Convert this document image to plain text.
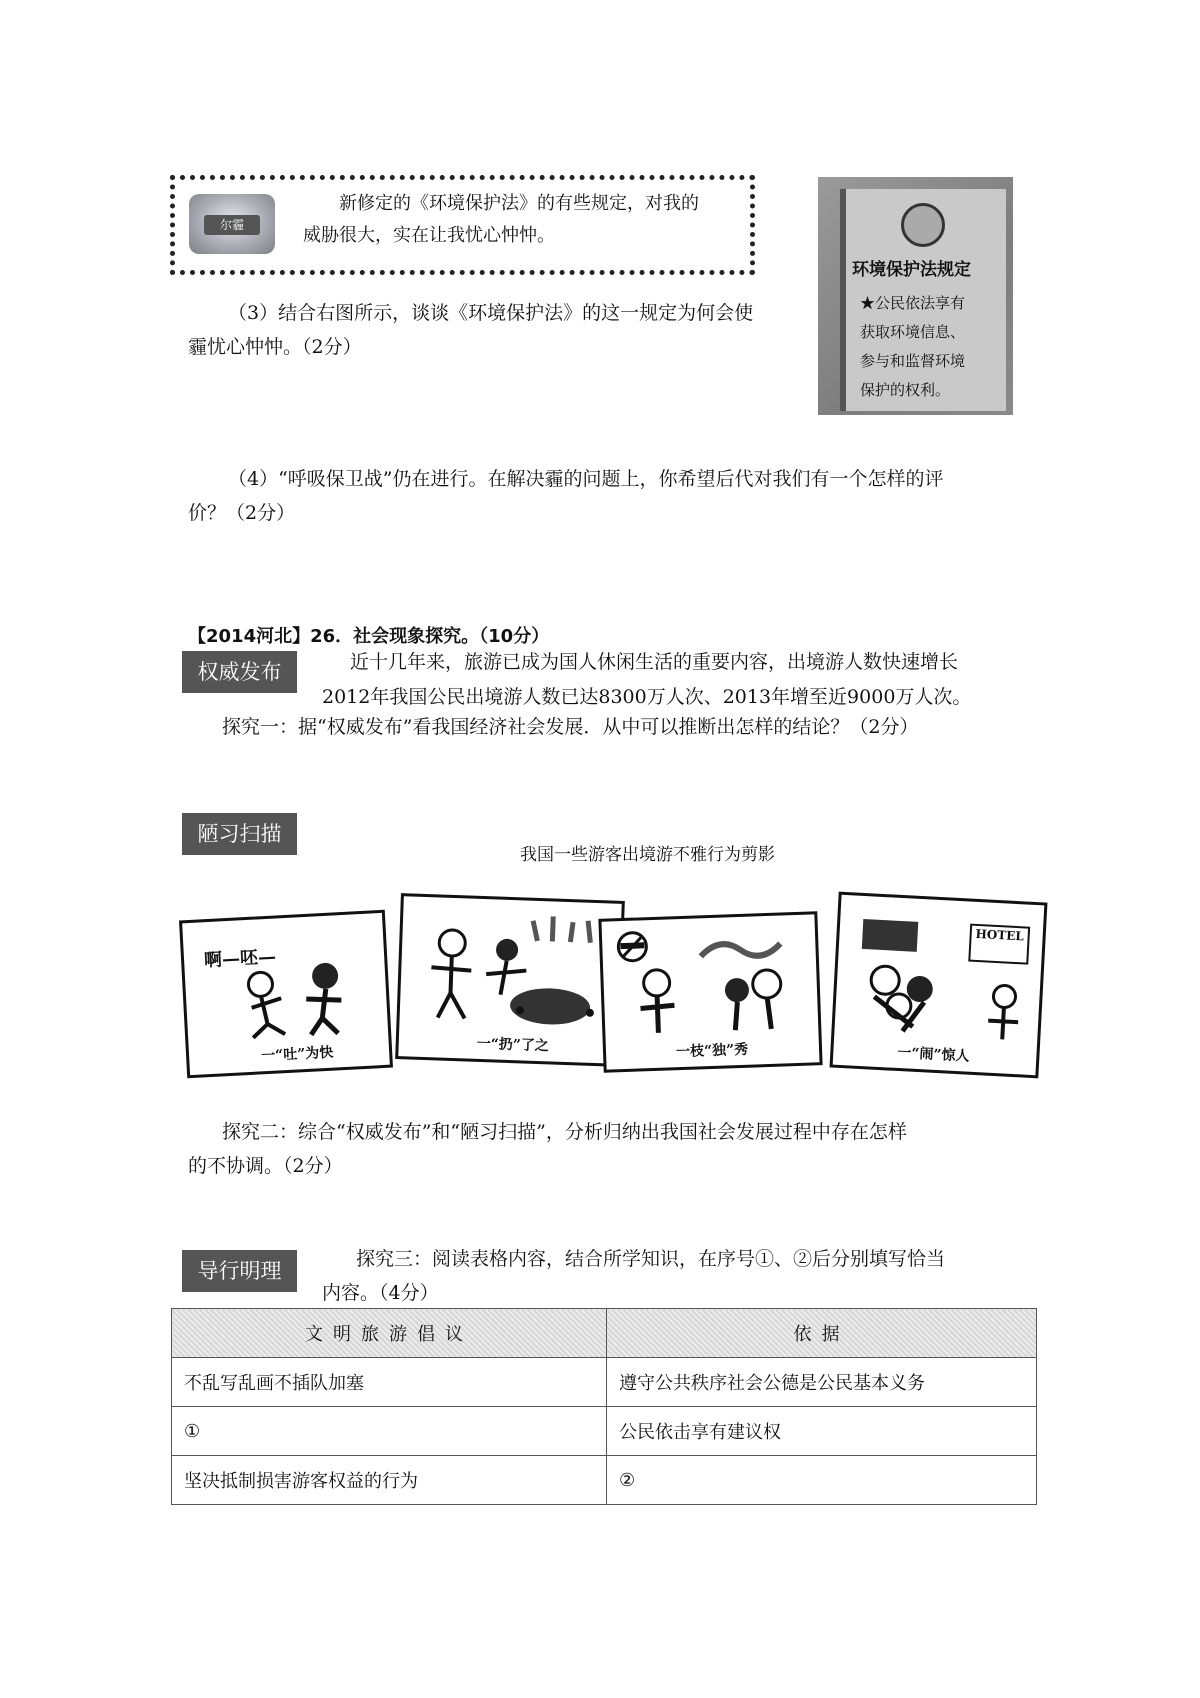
尔霾
新修定的《环境保护法》的有些规定，对我的
威胁很大，实在让我忧心忡忡。
环境保护法规定
★公民依法享有
获取环境信息、
参与和监督环境
保护的权利。
（3）结合右图所示，谈谈《环境保护法》的这一规定为何会使
霾忧心忡忡。（2分）
（4）“呼吸保卫战”仍在进行。在解决霾的问题上，你希望后代对我们有一个怎样的评
价？（2分）
【2014河北】26．社会现象探究。（10分）
权威发布	近十几年来，旅游已成为国人休闲生活的重要内容，出境游人数快速增长
2012年我国公民出境游人数已达8300万人次、2013年增至近9000万人次。
探究一：据“权威发布”看我国经济社会发展．从中可以推断出怎样的结论？（2分）
陋习扫描
我国一些游客出境游不雅行为剪影
啊—呸—
一“吐”为快	一“扔”了之	一枝“独”秀
HOTEL
一“闹”惊人
探究二：综合“权威发布”和“陋习扫描”，分析归纳出我国社会发展过程中存在怎样
的不协调。（2分）
导行明理	探究三：阅读表格内容，结合所学知识，在序号①、②后分别填写恰当
内容。（4分）
文明旅游倡议	依据
不乱写乱画不插队加塞	遵守公共秩序社会公德是公民基本义务
①	公民依击享有建议权
坚决抵制损害游客权益的行为	②
